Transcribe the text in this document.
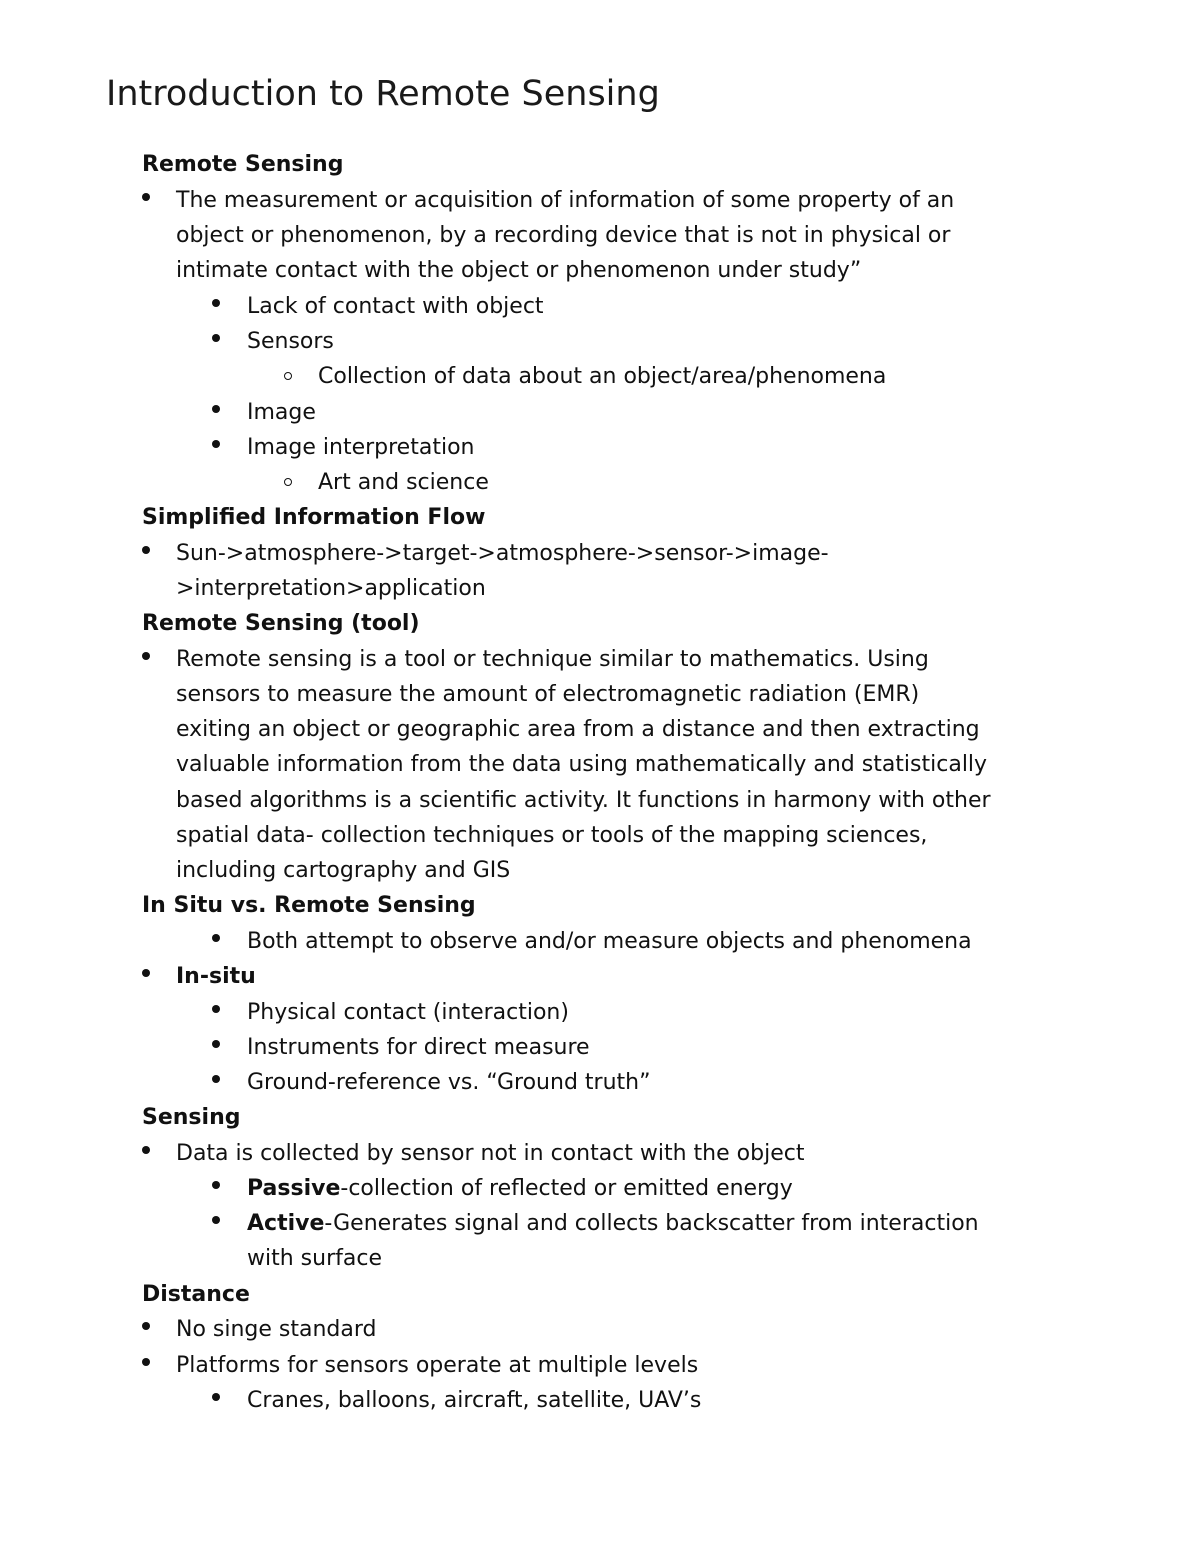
Introduction to Remote Sensing
Remote Sensing
The measurement or acquisition of information of some property of an
object or phenomenon, by a recording device that is not in physical or
intimate contact with the object or phenomenon under study”
Lack of contact with object
Sensors
Collection of data about an object/area/phenomena
Image
Image interpretation
Art and science
Simplified Information Flow
Sun->atmosphere->target->atmosphere->sensor->image-
>interpretation>application
Remote Sensing (tool)
Remote sensing is a tool or technique similar to mathematics. Using
sensors to measure the amount of electromagnetic radiation (EMR)
exiting an object or geographic area from a distance and then extracting
valuable information from the data using mathematically and statistically
based algorithms is a scientific activity. It functions in harmony with other
spatial data- collection techniques or tools of the mapping sciences,
including cartography and GIS
In Situ vs. Remote Sensing
Both attempt to observe and/or measure objects and phenomena
In-situ
Physical contact (interaction)
Instruments for direct measure
Ground-reference vs. “Ground truth”
Sensing
Data is collected by sensor not in contact with the object
Passive-collection of reflected or emitted energy
Active-Generates signal and collects backscatter from interaction
with surface
Distance
No singe standard
Platforms for sensors operate at multiple levels
Cranes, balloons, aircraft, satellite, UAV’s
